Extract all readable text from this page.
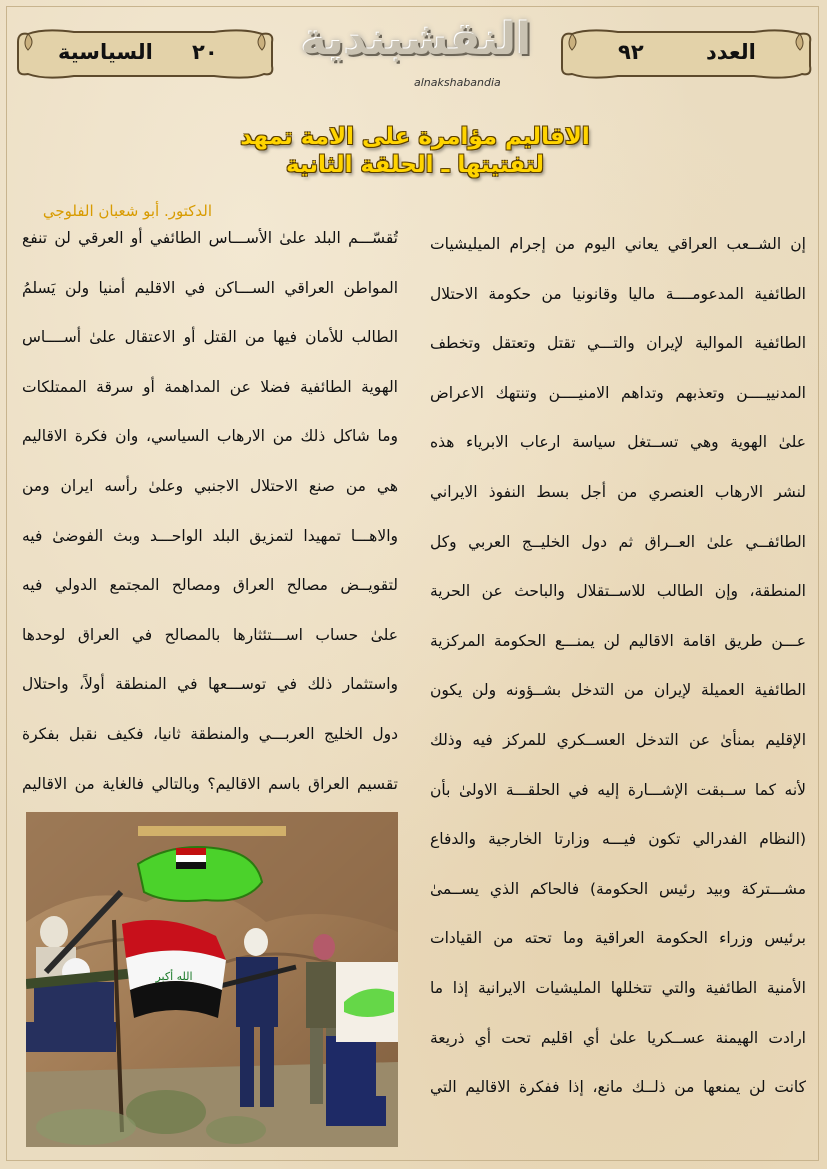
السياسية ٢٠	٩٢	العدد
النقشبندية
alnakshabandia
الاقاليم مؤامرة على الامة تمهد
لتفتيتها ـ الحلقة الثانية
الدكتور. أبو شعبان الفلوجي
إن الشــعب العراقي يعاني اليوم من إجرام الميليشيات
الطائفية المدعومــــة ماليا وقانونيا من حكومة الاحتلال
الطائفية الموالية لإيران والتـــي تقتل وتعتقل وتخطف
المدنييــــن وتعذبهم وتداهم الامنيــــن وتنتهك الاعراض
علىٰ الهوية وهي تســتغل سياسة ارعاب الابرياء هذه
لنشر الارهاب العنصري من أجل بسط النفوذ الايراني
الطائفــي علىٰ العــراق ثم دول الخليــج العربي وكل
المنطقة، وإن الطالب للاســتقلال والباحث عن الحرية
عـــن طريق اقامة الاقاليم لن يمنـــع الحكومة المركزية
الطائفية العميلة لإيران من التدخل بشــؤونه ولن يكون
الإقليم بمنأىٰ عن التدخل العســكري للمركز فيه وذلك
لأنه كما ســبقت الإشـــارة إليه في الحلقـــة الاولىٰ بأن
(النظام الفدرالي تكون فيـــه وزارتا الخارجية والدفاع
مشـــتركة وبيد رئيس الحكومة) فالحاكم الذي يســمىٰ
برئيس وزراء الحكومة العراقية وما تحته من القيادات
الأمنية الطائفية والتي تتخللها المليشيات الايرانية إذا ما
ارادت الهيمنة عســكريا علىٰ أي اقليم تحت أي ذريعة
كانت لن يمنعها من ذلــك مانع، إذا ففكرة الاقاليم التي
تُقسّـــم البلد علىٰ الأســـاس الطائفي أو العرقي لن تنفع
المواطن العراقي الســـاكن في الاقليم أمنيا ولن يَسلمُ
الطالب للأمان فيها من القتل أو الاعتقال علىٰ أســــاس
الهوية الطائفية فضلا عن المداهمة أو سرقة الممتلكات
وما شاكل ذلك من الارهاب السياسي، وان فكرة الاقاليم
هي من صنع الاحتلال الاجنبي وعلىٰ رأسه ايران ومن
والاهـــا تمهيدا لتمزيق البلد الواحـــد وبث الفوضىٰ فيه
لتقويــض مصالح العراق ومصالح المجتمع الدولي فيه
علىٰ حساب اســـتئثارها بالمصالح في العراق لوحدها
واستثمار ذلك في توســـعها في المنطقة أولاً، واحتلال
دول الخليج العربـــي والمنطقة ثانيا، فكيف نقبل بفكرة
تقسيم العراق باسم الاقاليم؟ وبالتالي فالغاية من الاقاليم
الله أكبر
